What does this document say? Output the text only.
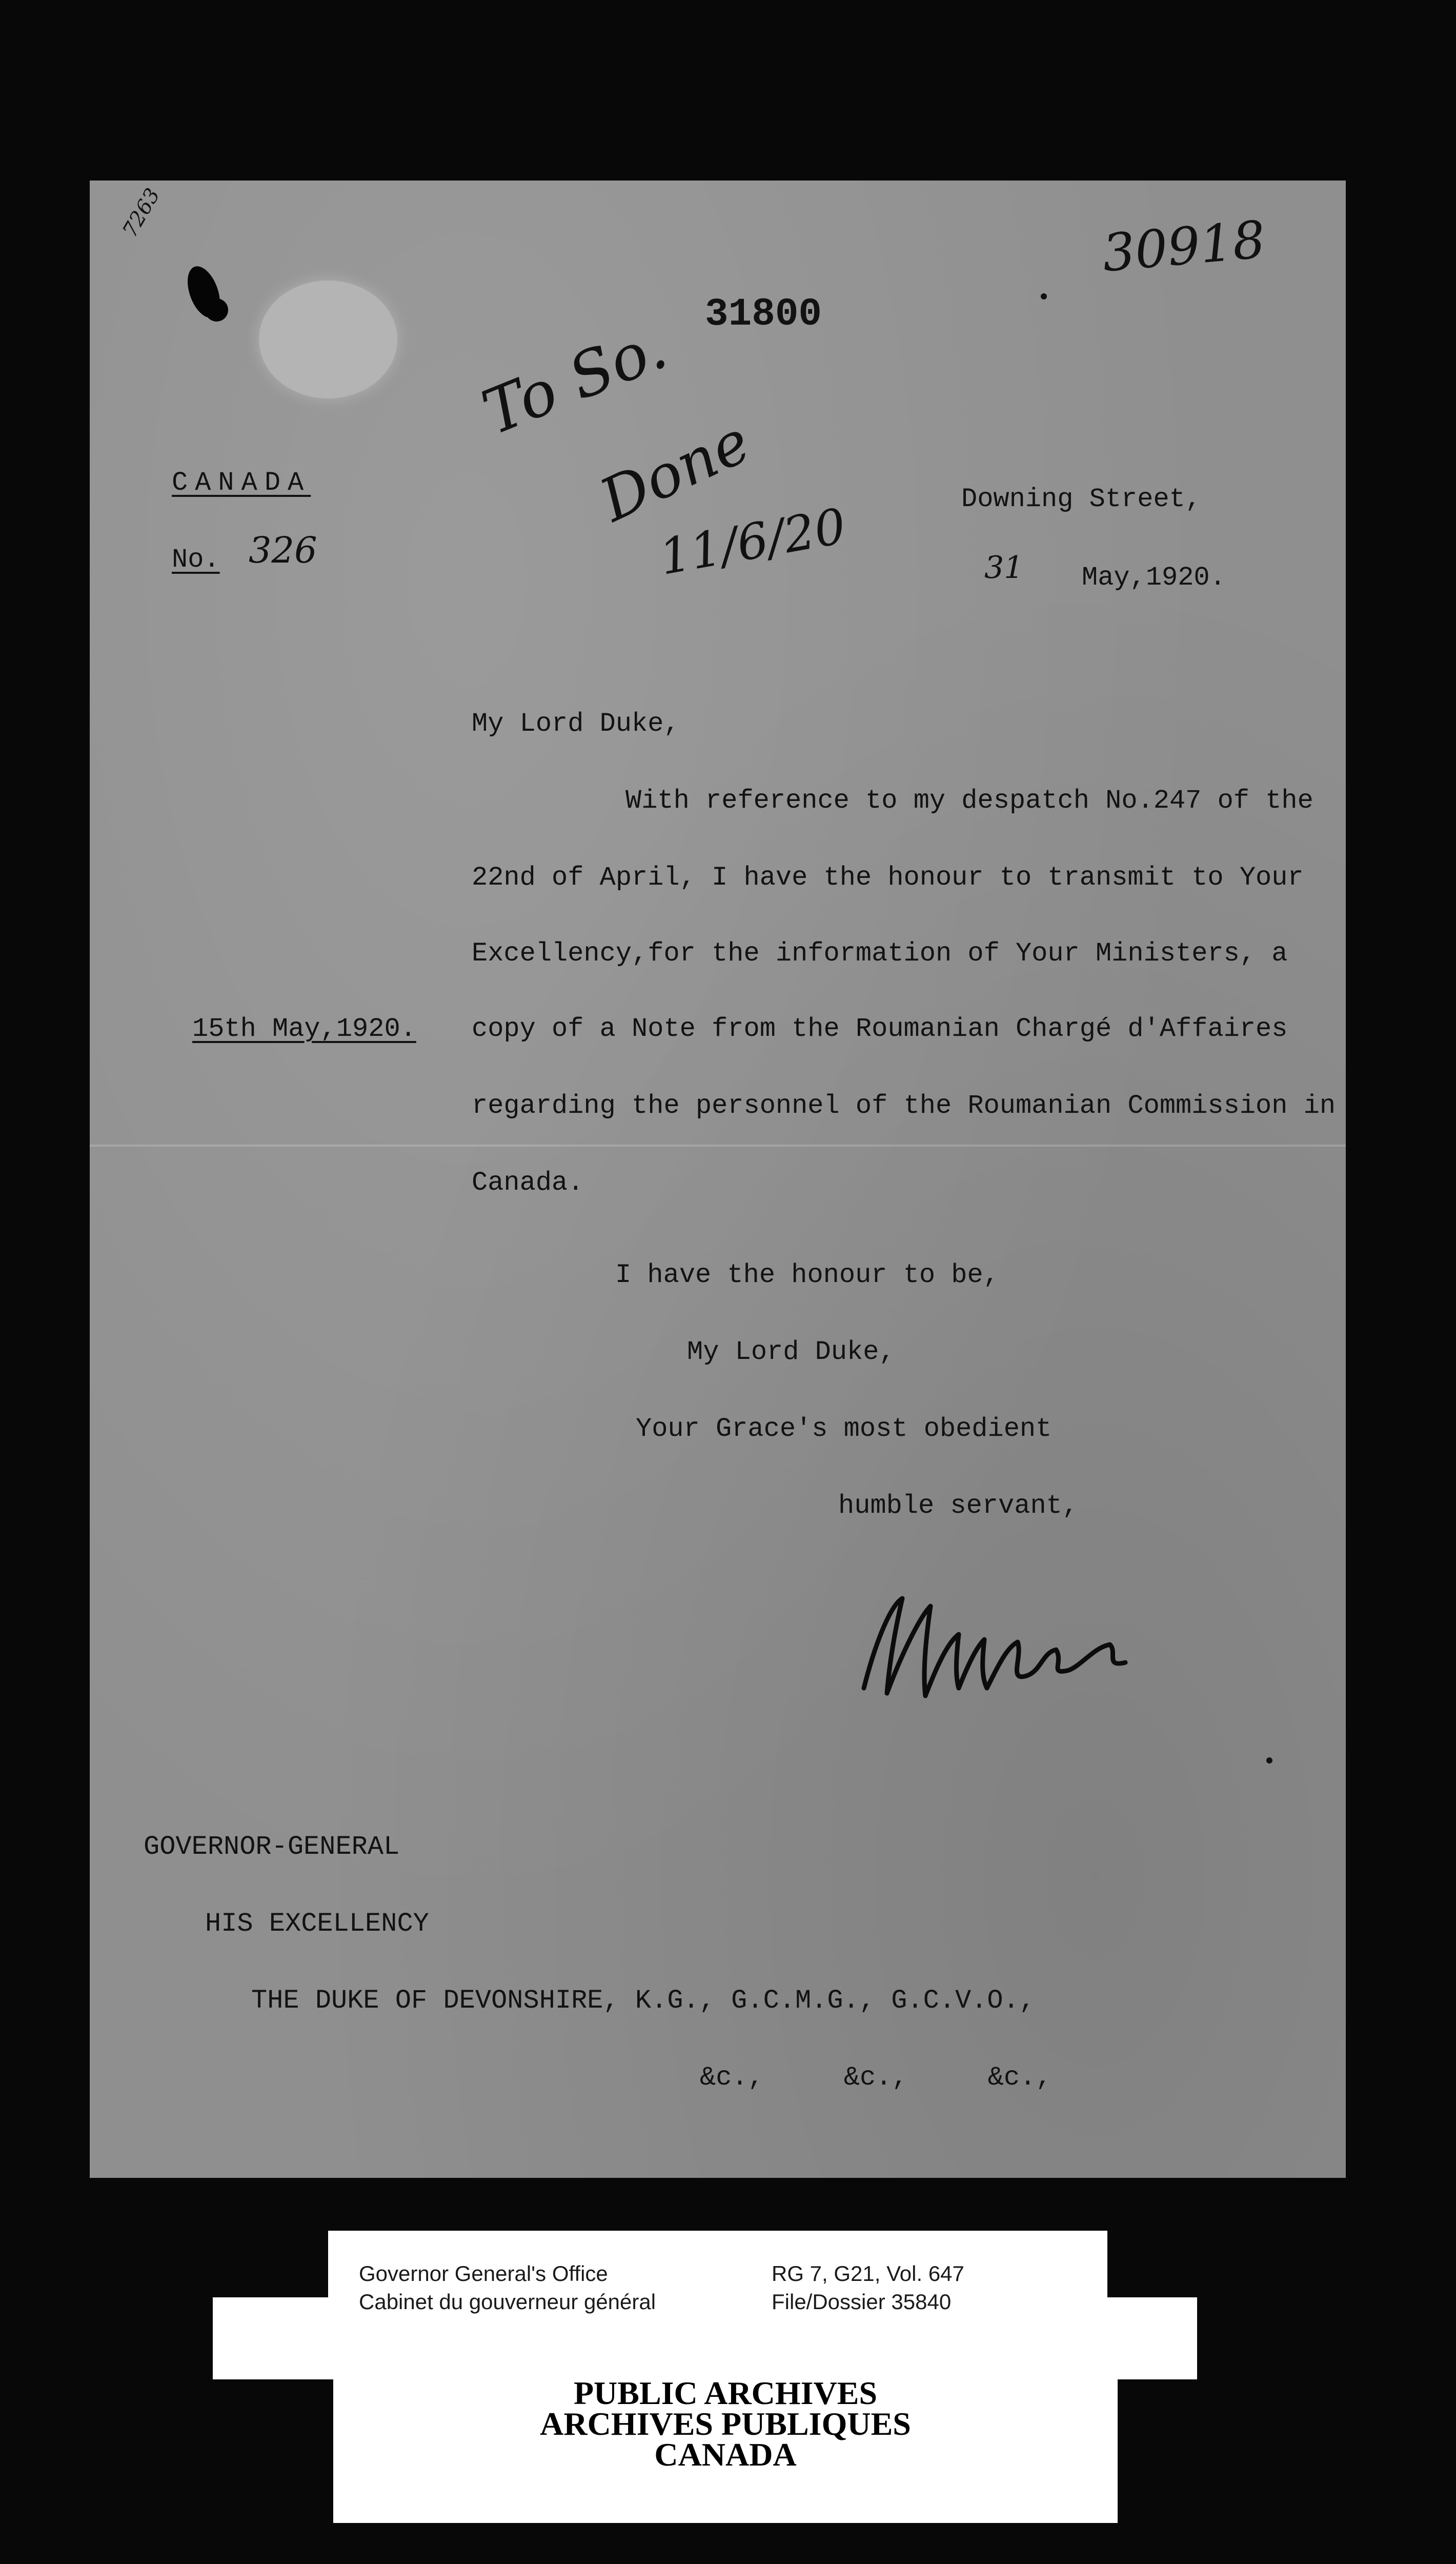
7263	30918
31800
To So.
Done
11/6/20
CANADA
No. 326
Downing Street,
31 May,1920.
My Lord Duke,
With reference to my despatch No.247 of the
22nd of April, I have the honour to transmit to Your
Excellency,for the information of Your Ministers, a
15th May,1920. copy of a Note from the Roumanian Chargé d'Affaires
regarding the personnel of the Roumanian Commission in
Canada.
I have the honour to be,
My Lord Duke,
Your Grace's most obedient
humble servant,
GOVERNOR-GENERAL
HIS EXCELLENCY
THE DUKE OF DEVONSHIRE, K.G., G.C.M.G., G.C.V.O.,
&c.,     &c.,     &c.,
Governor General's Office
Cabinet du gouverneur général
RG 7, G21, Vol. 647
File/Dossier 35840
PUBLIC ARCHIVES
ARCHIVES PUBLIQUES
CANADA
